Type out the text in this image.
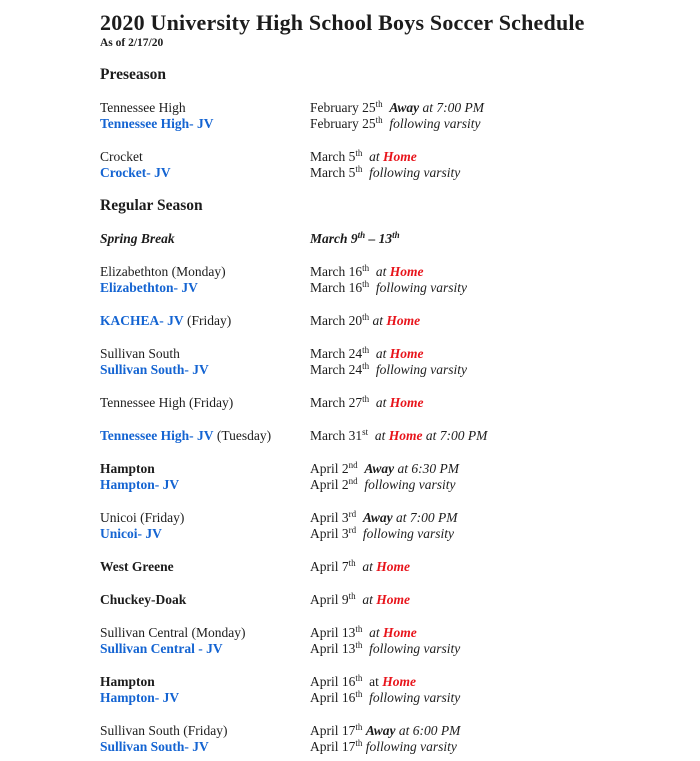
2020 University High School Boys Soccer Schedule
As of 2/17/20
Preseason
Tennessee High	February 25th Away at 7:00 PM
Tennessee High- JV	February 25th following varsity
Crocket	March 5th at Home
Crocket- JV	March 5th following varsity
Regular Season
Spring Break	March 9th – 13th
Elizabethton (Monday)	March 16th at Home
Elizabethton- JV	March 16th following varsity
KACHEA- JV (Friday)	March 20th at Home
Sullivan South	March 24th at Home
Sullivan South- JV	March 24th following varsity
Tennessee High (Friday)	March 27th at Home
Tennessee High- JV (Tuesday)	March 31st at Home at 7:00 PM
Hampton	April 2nd Away at 6:30 PM
Hampton- JV	April 2nd following varsity
Unicoi (Friday)	April 3rd Away at 7:00 PM
Unicoi- JV	April 3rd following varsity
West Greene	April 7th at Home
Chuckey-Doak	April 9th at Home
Sullivan Central (Monday)	April 13th at Home
Sullivan Central - JV	April 13th following varsity
Hampton	April 16th  at Home
Hampton- JV	April 16th following varsity
Sullivan South (Friday)	April 17th Away at 6:00 PM
Sullivan South- JV	April 17th following varsity
